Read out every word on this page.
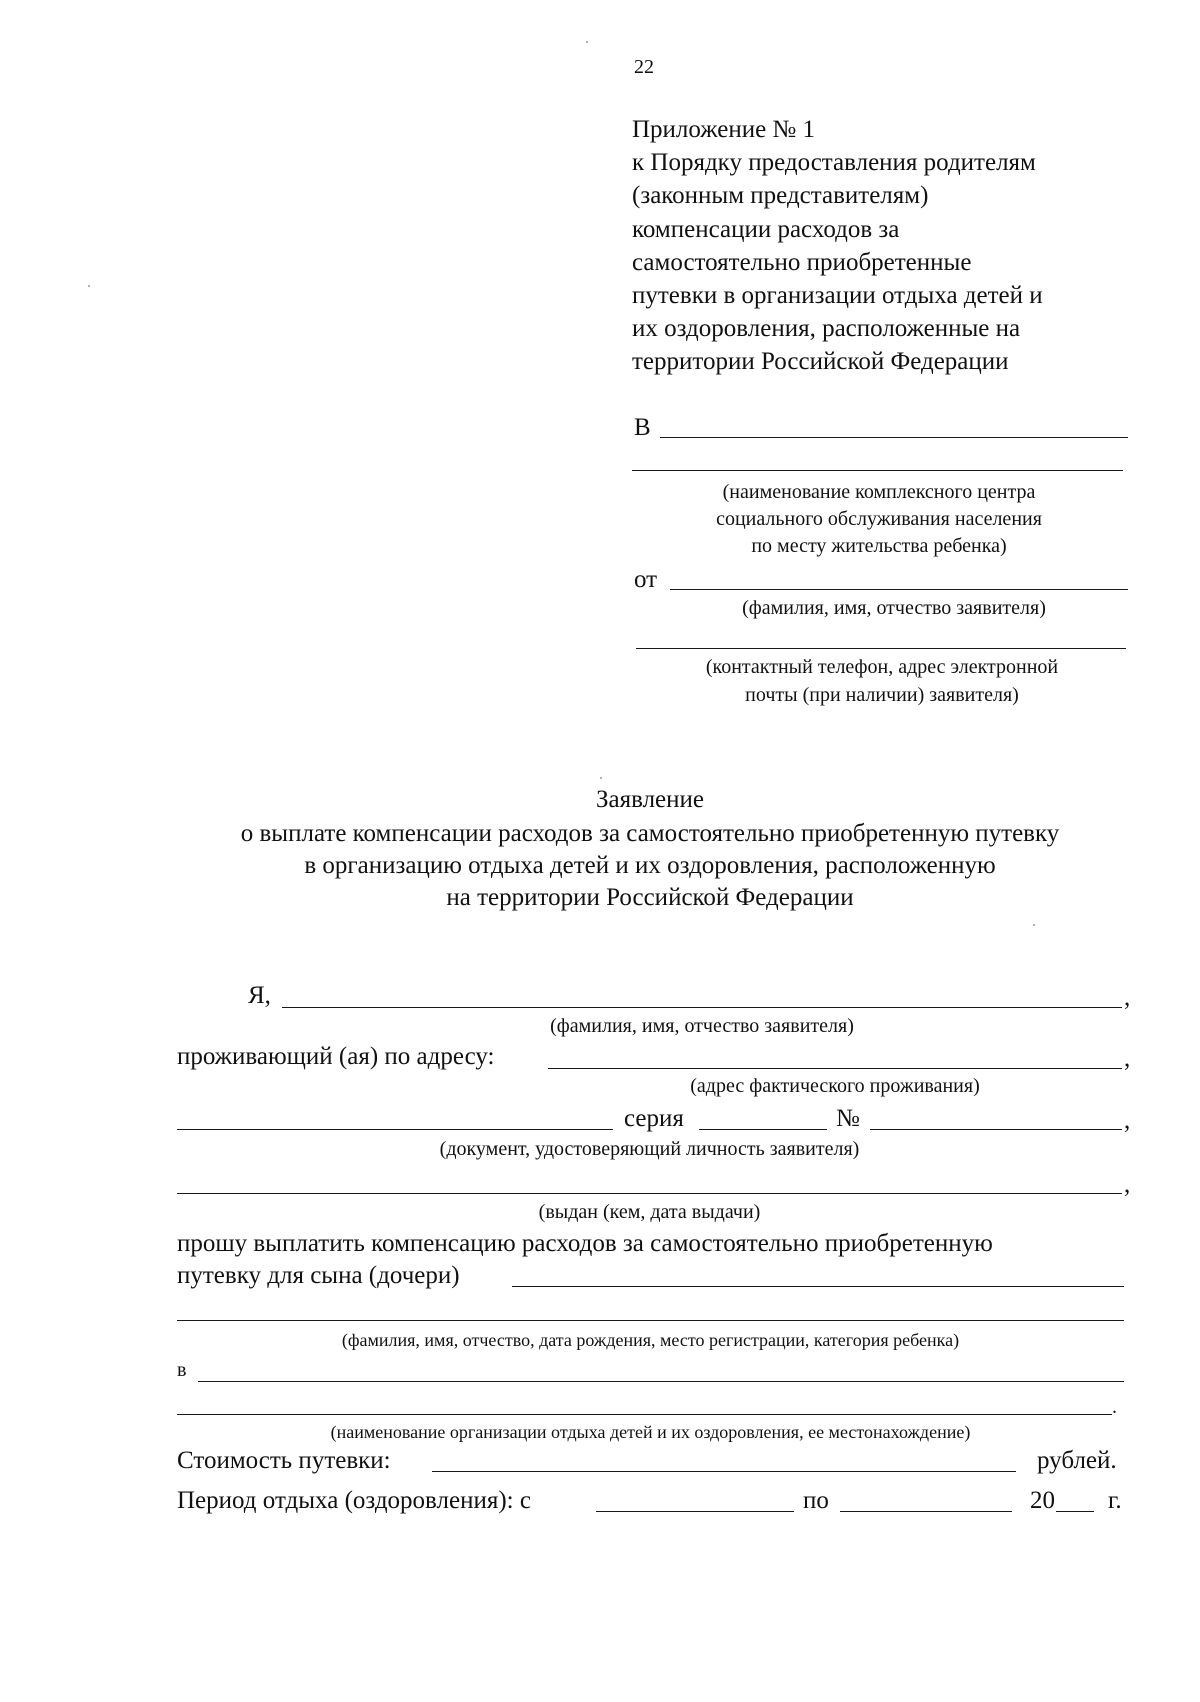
22
Приложение № 1
к Порядку предоставления родителям
(законным представителям)
компенсации расходов за
самостоятельно приобретенные
путевки в организации отдыха детей и
их оздоровления, расположенные на
территории Российской Федерации
В
(наименование комплексного центра
социального обслуживания населения
по месту жительства ребенка)
от
(фамилия, имя, отчество заявителя)
(контактный телефон, адрес электронной
почты (при наличии) заявителя)
Заявление
о выплате компенсации расходов за самостоятельно приобретенную путевку
в организацию отдыха детей и их оздоровления, расположенную
на территории Российской Федерации
Я,	,
(фамилия, имя, отчество заявителя)
проживающий (ая) по адресу:	,
(адрес фактического проживания)
серия	№	,
(документ, удостоверяющий личность заявителя)
,
(выдан (кем, дата выдачи)
прошу выплатить компенсацию расходов за самостоятельно приобретенную
путевку для сына (дочери)
(фамилия, имя, отчество, дата рождения, место регистрации, категория ребенка)
в
.
(наименование организации отдыха детей и их оздоровления, ее местонахождение)
Стоимость путевки:	рублей.
Период отдыха (оздоровления): с	по	20 г.
